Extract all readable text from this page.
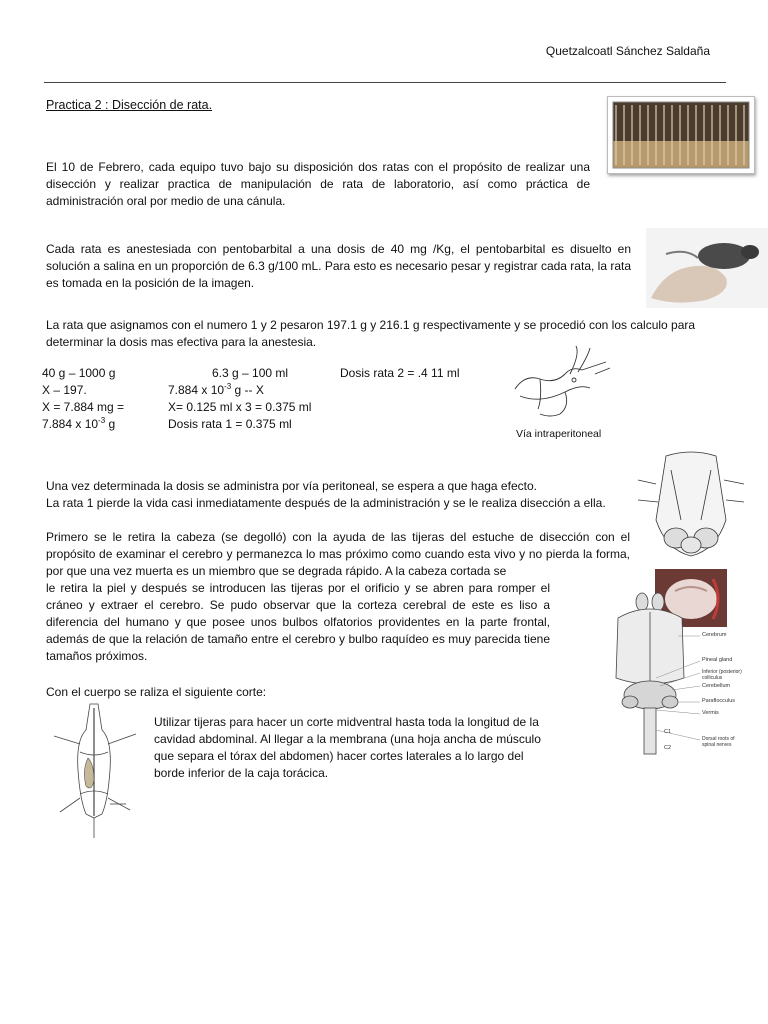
Quetzalcoatl Sánchez Saldaña
Practica 2 : Disección de rata.
El 10 de Febrero, cada equipo tuvo bajo su disposición dos ratas con el propósito de realizar una disección y realizar practica de manipulación de rata de laboratorio, así como práctica de administración oral por medio de una cánula.
Cada rata es anestesiada con pentobarbital a una dosis de 40 mg /Kg, el pentobarbital es disuelto en solución a salina en un proporción de 6.3 g/100 mL. Para esto es necesario pesar y registrar cada rata, la rata es tomada en la posición de la imagen.
La rata que asignamos con el numero 1 y 2 pesaron 197.1 g y 216.1 g respectivamente y se procedió con los calculo para determinar la dosis mas efectiva para la anestesia.
40 g – 1000 g
X – 197.
X = 7.884 mg =
7.884 x $10^{-3}$ g
6.3 g – 100 ml
7.884 x $10^{-3}$ g -- X
X= 0.125 ml x 3 = 0.375 ml
Dosis rata 1 = 0.375 ml
Dosis rata 2 = .4 11 ml
Vía intraperitoneal
Una vez determinada la dosis se administra por vía peritoneal, se espera a que haga efecto.
La rata 1 pierde la vida casi inmediatamente después de la administración y se le realiza disección a ella.
Primero se le retira la cabeza (se degolló) con la ayuda de las tijeras del estuche de disección con el propósito de examinar el cerebro y permanezca lo mas próximo como cuando esta vivo y no pierda la forma, por que una vez muerta es un miembro que se degrada rápido. A la cabeza cortada se
le retira la piel y después se introducen las tijeras por el orificio y se abren para romper el cráneo y extraer el cerebro. Se pudo observar que la corteza cerebral de este es liso a diferencia del humano y que posee unos bulbos olfatorios providentes en la parte frontal, además de que la relación de tamaño entre el cerebro y bulbo raquídeo es muy parecida tiene tamaños próximos.
Cerebrum
Pineal gland
Inferior (posterior) colliculus
Cerebellum
Paraflocculus
Vermis
C1
C2
Dorsal roots of spinal nerves
Con el cuerpo se raliza el siguiente corte:
Utilizar tijeras para hacer un corte midventral hasta toda la longitud de la cavidad abdominal. Al llegar a la membrana (una hoja ancha de músculo que separa el tórax del abdomen) hacer cortes laterales a lo largo del borde inferior de la caja torácica.
